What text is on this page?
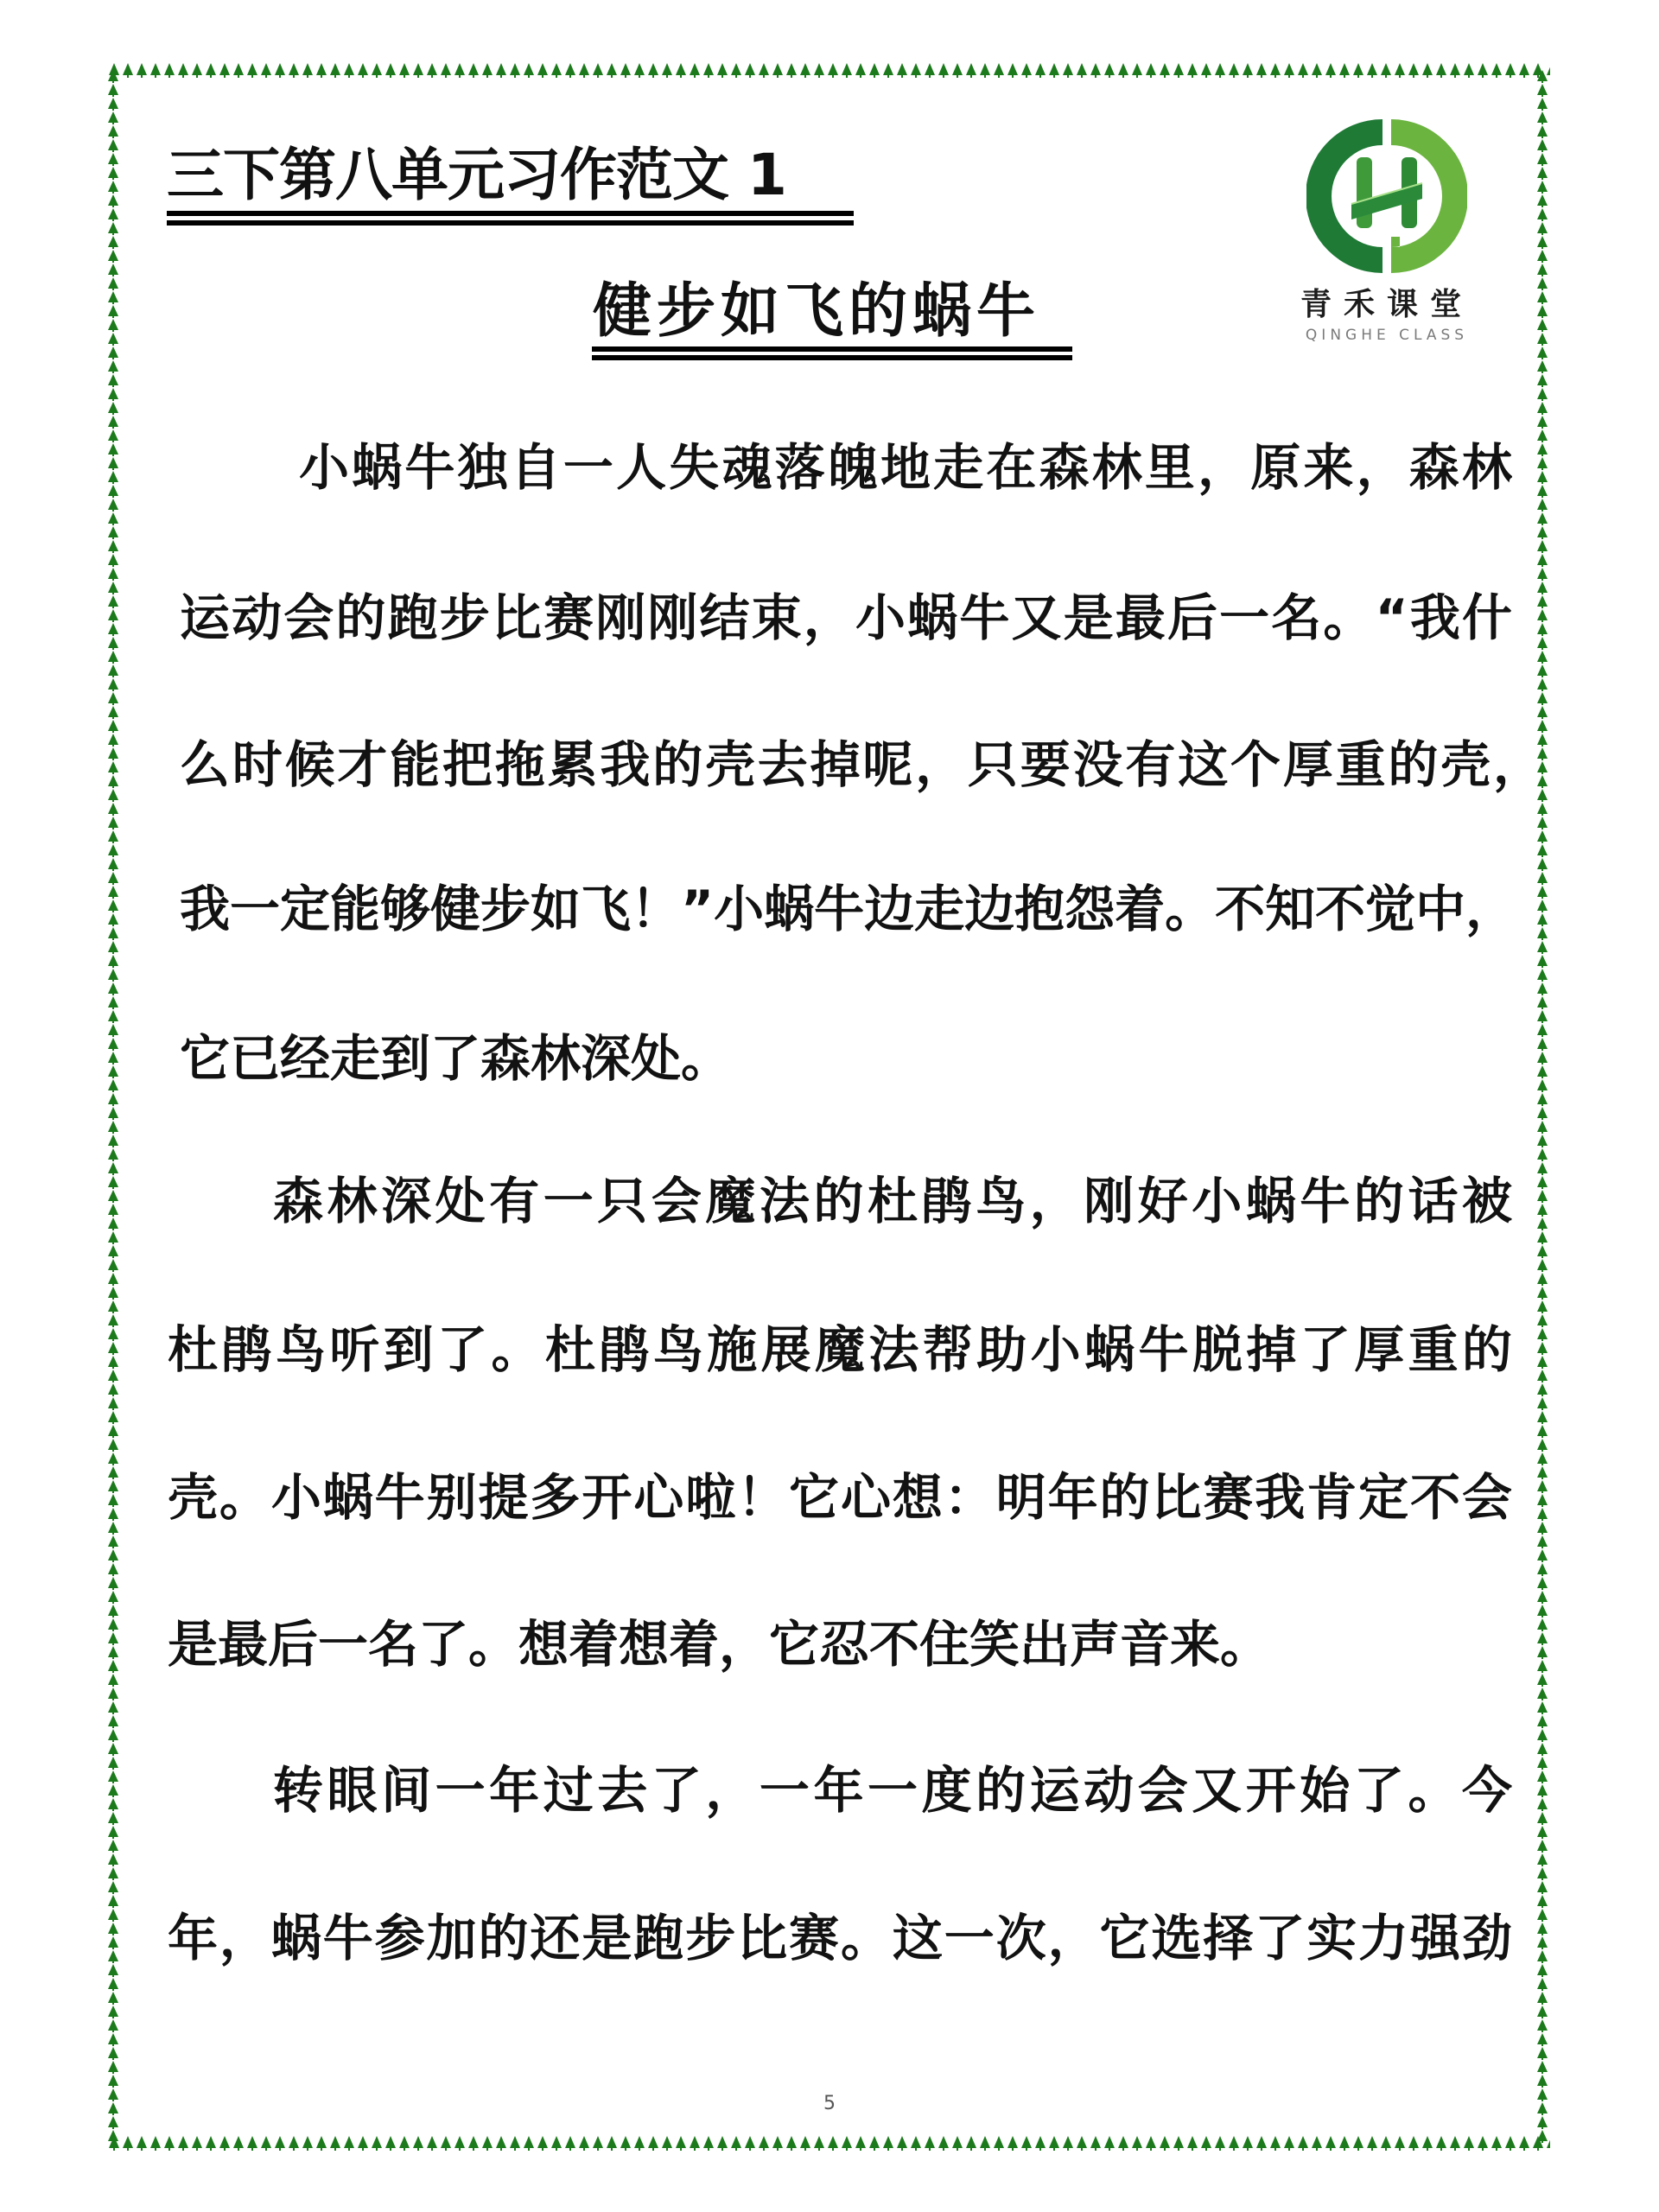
三下第八单元习作范文 1
健步如飞的蜗牛	青禾课堂
QINGHE CLASS
小蜗牛独自一人失魂落魄地走在森林里，原来，森林
运动会的跑步比赛刚刚结束，小蜗牛又是最后一名。“我什
么时候才能把拖累我的壳去掉呢，只要没有这个厚重的壳，
我一定能够健步如飞！”小蜗牛边走边抱怨着。不知不觉中，
它已经走到了森林深处。
森林深处有一只会魔法的杜鹃鸟，刚好小蜗牛的话被
杜鹃鸟听到了。杜鹃鸟施展魔法帮助小蜗牛脱掉了厚重的
壳。小蜗牛别提多开心啦！它心想：明年的比赛我肯定不会
是最后一名了。想着想着，它忍不住笑出声音来。
转眼间一年过去了，一年一度的运动会又开始了。今
年，蜗牛参加的还是跑步比赛。这一次，它选择了实力强劲
5
